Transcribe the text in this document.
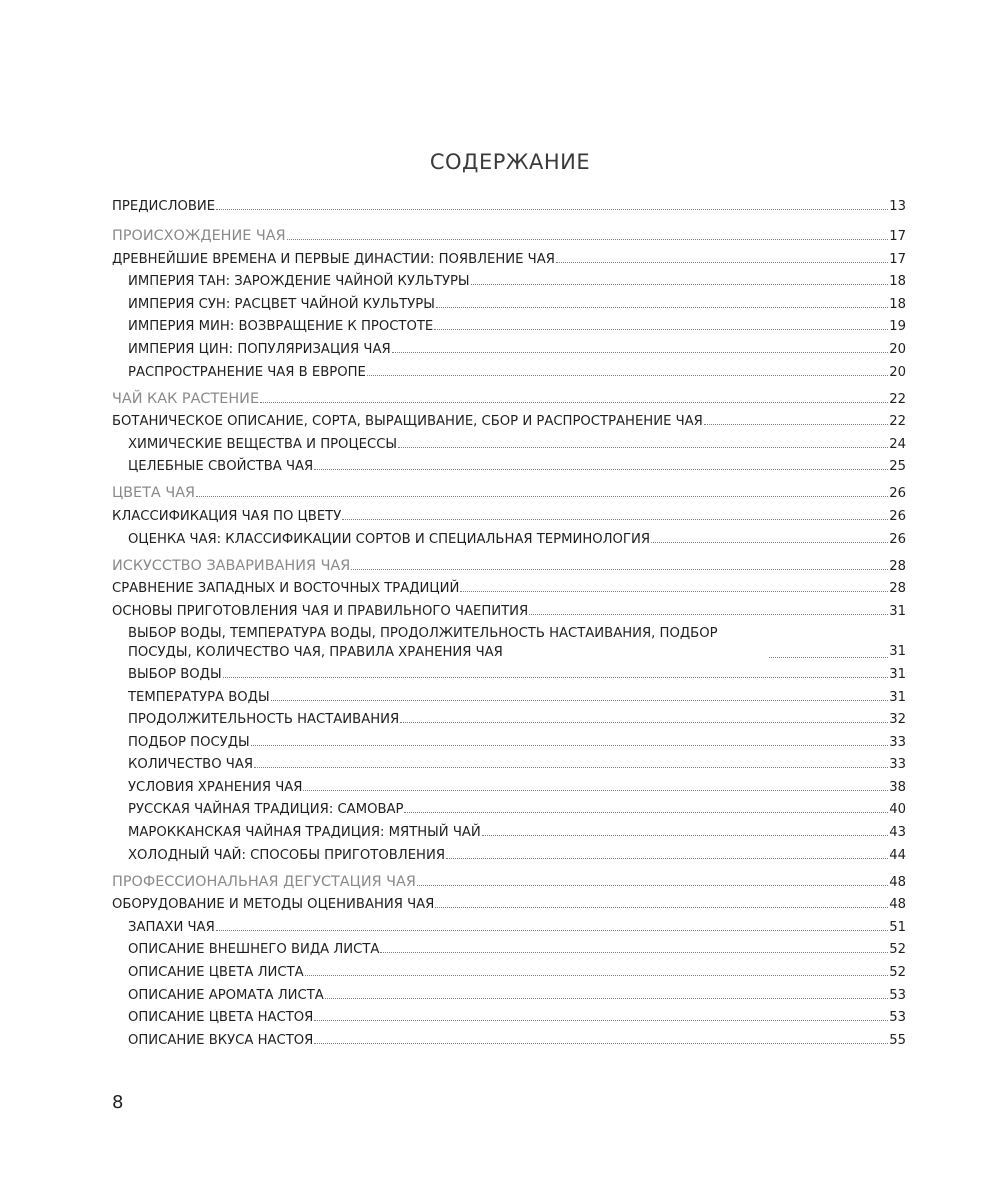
СОДЕРЖАНИЕ
ПРЕДИСЛОВИЕ	13
ПРОИСХОЖДЕНИЕ ЧАЯ	17
ДРЕВНЕЙШИЕ ВРЕМЕНА И ПЕРВЫЕ ДИНАСТИИ: ПОЯВЛЕНИЕ ЧАЯ	17
ИМПЕРИЯ ТАН: ЗАРОЖДЕНИЕ ЧАЙНОЙ КУЛЬТУРЫ	18
ИМПЕРИЯ СУН: РАСЦВЕТ ЧАЙНОЙ КУЛЬТУРЫ	18
ИМПЕРИЯ МИН: ВОЗВРАЩЕНИЕ К ПРОСТОТЕ	19
ИМПЕРИЯ ЦИН: ПОПУЛЯРИЗАЦИЯ ЧАЯ	20
РАСПРОСТРАНЕНИЕ ЧАЯ В ЕВРОПЕ	20
ЧАЙ КАК РАСТЕНИЕ	22
БОТАНИЧЕСКОЕ ОПИСАНИЕ, СОРТА, ВЫРАЩИВАНИЕ, СБОР И РАСПРОСТРАНЕНИЕ ЧАЯ	22
ХИМИЧЕСКИЕ ВЕЩЕСТВА И ПРОЦЕССЫ	24
ЦЕЛЕБНЫЕ СВОЙСТВА ЧАЯ	25
ЦВЕТА ЧАЯ	26
КЛАССИФИКАЦИЯ ЧАЯ ПО ЦВЕТУ	26
ОЦЕНКА ЧАЯ: КЛАССИФИКАЦИИ СОРТОВ И СПЕЦИАЛЬНАЯ ТЕРМИНОЛОГИЯ	26
ИСКУССТВО ЗАВАРИВАНИЯ ЧАЯ	28
СРАВНЕНИЕ ЗАПАДНЫХ И ВОСТОЧНЫХ ТРАДИЦИЙ	28
ОСНОВЫ ПРИГОТОВЛЕНИЯ ЧАЯ И ПРАВИЛЬНОГО ЧАЕПИТИЯ	31
ВЫБОР ВОДЫ, ТЕМПЕРАТУРА ВОДЫ, ПРОДОЛЖИТЕЛЬНОСТЬ НАСТАИВАНИЯ, ПОДБОР
ПОСУДЫ, КОЛИЧЕСТВО ЧАЯ, ПРАВИЛА ХРАНЕНИЯ ЧАЯ	31
ВЫБОР ВОДЫ	31
ТЕМПЕРАТУРА ВОДЫ	31
ПРОДОЛЖИТЕЛЬНОСТЬ НАСТАИВАНИЯ	32
ПОДБОР ПОСУДЫ	33
КОЛИЧЕСТВО ЧАЯ	33
УСЛОВИЯ ХРАНЕНИЯ ЧАЯ	38
РУССКАЯ ЧАЙНАЯ ТРАДИЦИЯ: САМОВАР	40
МАРОККАНСКАЯ ЧАЙНАЯ ТРАДИЦИЯ: МЯТНЫЙ ЧАЙ	43
ХОЛОДНЫЙ ЧАЙ: СПОСОБЫ ПРИГОТОВЛЕНИЯ	44
ПРОФЕССИОНАЛЬНАЯ ДЕГУСТАЦИЯ ЧАЯ	48
ОБОРУДОВАНИЕ И МЕТОДЫ ОЦЕНИВАНИЯ ЧАЯ	48
ЗАПАХИ ЧАЯ	51
ОПИСАНИЕ ВНЕШНЕГО ВИДА ЛИСТА	52
ОПИСАНИЕ ЦВЕТА ЛИСТА	52
ОПИСАНИЕ АРОМАТА ЛИСТА	53
ОПИСАНИЕ ЦВЕТА НАСТОЯ	53
ОПИСАНИЕ ВКУСА НАСТОЯ	55
8
